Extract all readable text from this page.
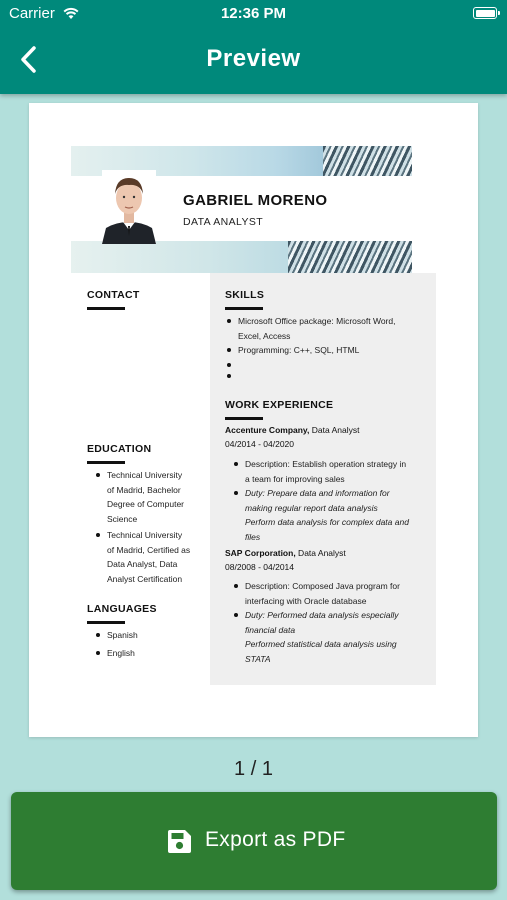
Carrier	12:36 PM
Preview
GABRIEL MORENO
DATA ANALYST
CONTACT
EDUCATION
Technical University
of Madrid, Bachelor
Degree of Computer
Science
Technical University
of Madrid, Certified as
Data Analyst, Data
Analyst Certification
LANGUAGES
Spanish
English
SKILLS
Microsoft Office package: Microsoft Word,
Excel, Access
Programming: C++, SQL, HTML
WORK EXPERIENCE
Accenture Company, Data Analyst
04/2014 - 04/2020
Description: Establish operation strategy in
a team for improving sales
Duty: Prepare data and information for
making regular report data analysis
Perform data analysis for complex data and
files
SAP Corporation, Data Analyst
08/2008 - 04/2014
Description: Composed Java program for
interfacing with Oracle database
Duty: Performed data analysis especially
financial data
Performed statistical data analysis using
STATA
1 / 1
Export as PDF
